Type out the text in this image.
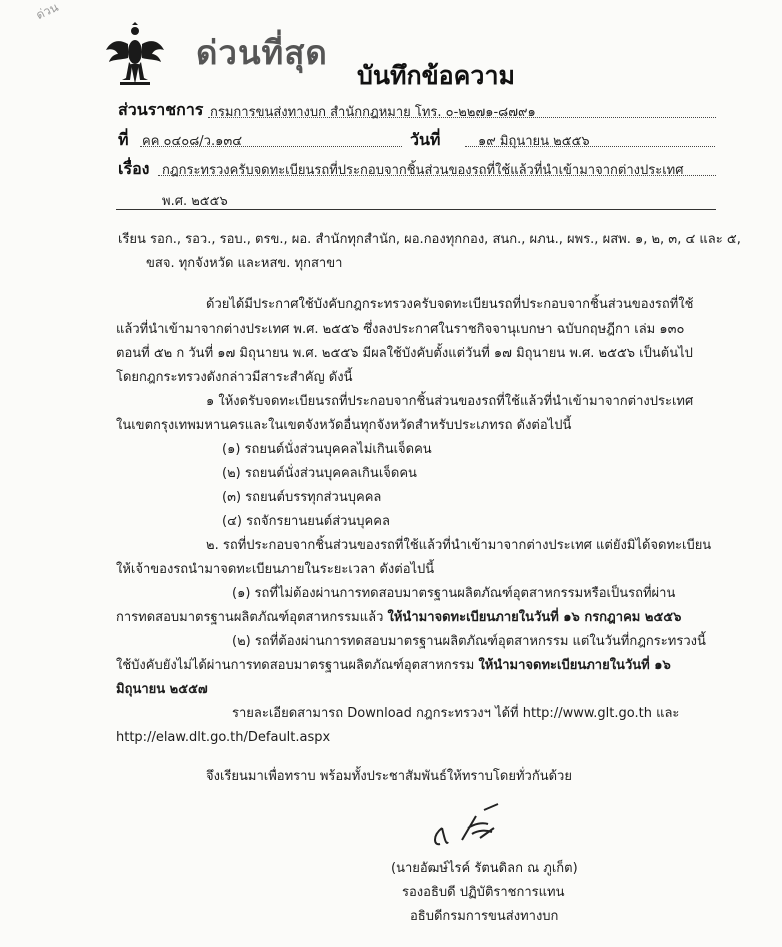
ด่วน
ด่วนที่สุด
บันทึกข้อความ
ส่วนราชการ กรมการขนส่งทางบก สำนักกฎหมาย โทร. ๐-๒๒๗๑-๘๗๙๑
ที่ คค ๐๔๐๘/ว.๑๓๔	วันที่	๑๙ มิถุนายน ๒๕๕๖
เรื่อง กฎกระทรวงครับจดทะเบียนรถที่ประกอบจากชิ้นส่วนของรถที่ใช้แล้วที่นำเข้ามาจากต่างประเทศ
พ.ศ. ๒๕๕๖
เรียน รอก., รอว., รอบ., ตรข., ผอ. สำนักทุกสำนัก, ผอ.กองทุกกอง, สนก., ผภน., ผพร., ผสพ. ๑, ๒, ๓, ๔ และ ๕,
ขสจ. ทุกจังหวัด และหสข. ทุกสาขา
ด้วยได้มีประกาศใช้บังคับกฎกระทรวงครับจดทะเบียนรถที่ประกอบจากชิ้นส่วนของรถที่ใช้
แล้วที่นำเข้ามาจากต่างประเทศ พ.ศ. ๒๕๕๖ ซึ่งลงประกาศในราชกิจจานุเบกษา ฉบับกฤษฎีกา เล่ม ๑๓๐
ตอนที่ ๕๒ ก วันที่ ๑๗ มิถุนายน พ.ศ. ๒๕๕๖ มีผลใช้บังคับตั้งแต่วันที่ ๑๗ มิถุนายน พ.ศ. ๒๕๕๖ เป็นต้นไป
โดยกฎกระทรวงดังกล่าวมีสาระสำคัญ ดังนี้
๑ ให้งดรับจดทะเบียนรถที่ประกอบจากชิ้นส่วนของรถที่ใช้แล้วที่นำเข้ามาจากต่างประเทศ
ในเขตกรุงเทพมหานครและในเขตจังหวัดอื่นทุกจังหวัดสำหรับประเภทรถ ดังต่อไปนี้
(๑) รถยนต์นั่งส่วนบุคคลไม่เกินเจ็ดคน
(๒) รถยนต์นั่งส่วนบุคคลเกินเจ็ดคน
(๓) รถยนต์บรรทุกส่วนบุคคล
(๔) รถจักรยานยนต์ส่วนบุคคล
๒. รถที่ประกอบจากชิ้นส่วนของรถที่ใช้แล้วที่นำเข้ามาจากต่างประเทศ แต่ยังมิได้จดทะเบียน
ให้เจ้าของรถนำมาจดทะเบียนภายในระยะเวลา ดังต่อไปนี้
(๑) รถที่ไม่ต้องผ่านการทดสอบมาตรฐานผลิตภัณฑ์อุตสาหกรรมหรือเป็นรถที่ผ่าน
การทดสอบมาตรฐานผลิตภัณฑ์อุตสาหกรรมแล้ว ให้นำมาจดทะเบียนภายในวันที่ ๑๖ กรกฎาคม ๒๕๕๖
(๒) รถที่ต้องผ่านการทดสอบมาตรฐานผลิตภัณฑ์อุตสาหกรรม แต่ในวันที่กฎกระทรวงนี้
ใช้บังคับยังไม่ได้ผ่านการทดสอบมาตรฐานผลิตภัณฑ์อุตสาหกรรม ให้นำมาจดทะเบียนภายในวันที่ ๑๖
มิถุนายน ๒๕๕๗
รายละเอียดสามารถ Download กฎกระทรวงฯ ได้ที่ http://www.glt.go.th และ
http://elaw.dlt.go.th/Default.aspx
จึงเรียนมาเพื่อทราบ พร้อมทั้งประชาสัมพันธ์ให้ทราบโดยทั่วกันด้วย
(นายอัฒษ์ไรค์ รัตนดิลก ณ ภูเก็ต)
รองอธิบดี ปฏิบัติราชการแทน
อธิบดีกรมการขนส่งทางบก
